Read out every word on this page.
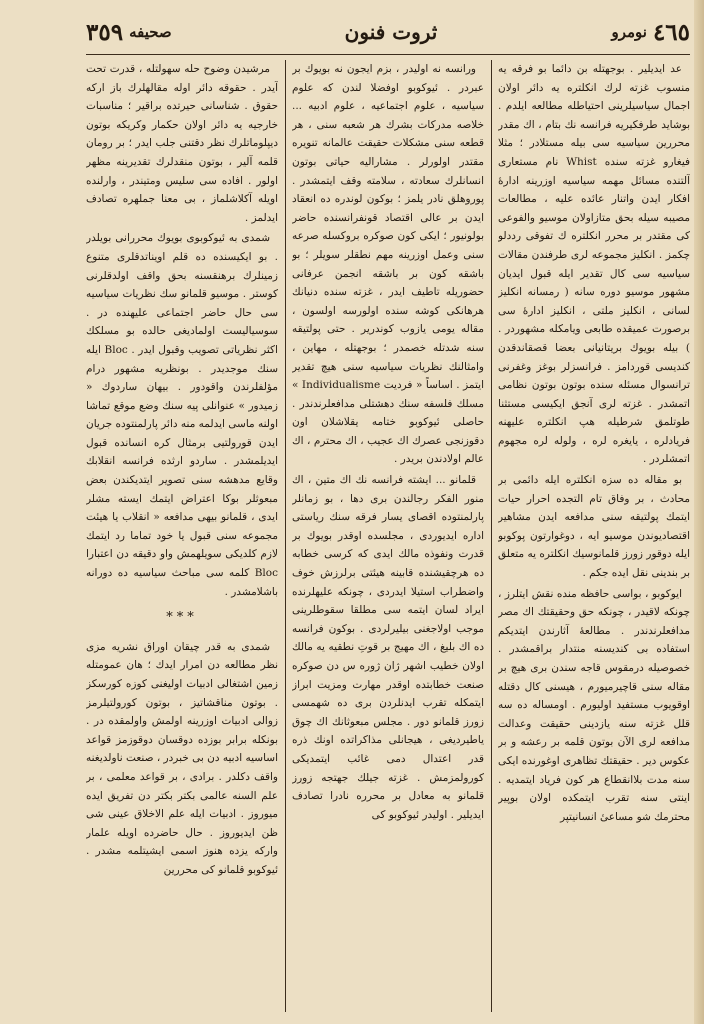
٤٦٥
نومرو
ثروت فنون
صحيفه
٣٥٩

عد ايديلير . بوجهتله بن دائما بو فرقه يه منسوب غزته لرك انكلتره يه دائر اولان اجمال سياسيلرينى احتياطله مطالعه ايلدم . بوشايد طرفكيريه فرانسه نك بتام ، اك مقدر محررين سياسيه سى بيله مستلادر ؛ مثلا فيغارو غزته سنده Whist نام مستعارى آلتنده مسائل مهمه سياسيه اوزرينه ادارهٔ افكار ايدن واتنار عائده عليه ، مطالعات مصيبه سيله بحق متازاولان موسيو والفوعى كى مقتدر بر محرر انكلتره ك تفوقى رددلو چكمز . انكليز مجموعه لرى طرفندن مقالات سياسيه سى كال تقدير ايله قبول ايديان مشهور موسيو دوره سانه ( رمسانه انكليز لسانى ، انكليز ملتى ، انكليز ادارهٔ سى برصورت عميقده طابعى ويامكله مشهوردر . ) بيله بويوك بريتانيانى بعضا قصقاندقدن كنديسى قوردامز . فرانسزلر بوغز وغفرنى ترانسوال مسئله سنده بوتون بوتون نظامى اتمشدر . غزته لرى آنجق ايكيسى مستثنا طوتلمق شرطيله هپ انكلتره عليهنه فريادلره ، يايغره لره ، ولوله لره مجهوم اتمشلردر .

بو مقاله ده سزه انكلتره ايله دائمى بر محادث ، بر وفاق تام التجده احرار حيات ايتمك پولتيقه سنى مدافعه ايدن مشاهير اقتصاديوندن موسيو ايه ، دوغوارتون پوكوبو ايله دوقور زورز قلمانوسيك انكلتره يه متعلق بر بندينى نقل ايده جكم .

ايوكوبو ، بواسى حافظه منده نقش ايتلرز ، چونكه لاقيدر ، چونكه حق وحقيقتك اك مصر مدافعلرندندر . مطالعهٔ آثارندن ايتديكم استفاده بى كنديسنه منتدار براقمشدر . خصوصيله درمقوس قاجه سندن برى هيچ بر مقاله سنى قاچيرميورم ، هيسنى كال دقتله اوقويوب مستفيد اوليورم . اومساله ده سه قلل غزته سنه يازدينى حقيقت وعدالت مدافعه لرى الآن بوتون قلمه بر رعشه و بر عكوس دير . حقيقتك تظاهرى اوغورنده ايكى سنه مدت بلاانقطاع هر كون فرياد ايتمديه . اينتى سنه تقرب ايتمكده اولان بوپير محترمك شو مساعىٔ انسانيتپر

ورانسه نه اوليدر ، بزم ايجون نه بويوك بر عبردر . ئيوكوبو اوفضلا لندن كه علوم سياسيه ، علوم اجتماعيه ، علوم ادبيه ... خلاصه مدركات بشرك هر شعبه سنى ، هر قطعه سنى مشكلات حقيقت عالمانه تنويره مقتدر اولورلر . مشاراليه حياتى بوتون انسانلرك سعادته ، سلامته وقف ايتمشدر . پوروهلق نادر يلمز ؛ بوكون لوندره ده انعقاد ايدن بر عالى اقتصاد قونفرانسنده حاضر بولونيور ؛ ايكى كون صوكره بروكسله صرعه سنى وعمل اوزرينه مهم نطقلر سويلر ؛ بو باشقه كون بر باشقه انجمن عرفانى حضوريله تاطيف ايدر ، غزته سنده دنيانك هرهانكى كوشه سنده اولورسه اولسون ، مقاله يومى يازوب كوندرير . حتى پولتيقه سنه شدتله خصمدر ؛ بوجهتله ، مهاين ، وامثالنك نظريات سياسيه سنى هيچ تقدير ايتمز . اساساً « فرديت Individualisme » مسلك فلسفه سنك دهشتلى مدافعلرندندر . حاصلى ئيوكوبو ختامه يقلاشلان اون دقوزنجى عصرك اك عجيب ، اك محترم ، اك عالم اولادندن بريدر .

قلمانو ... ايشته فرانسه نك اك متين ، اك منور الفكر رجالندن برى دها ، بو زمانلر پارلمنتوده اقصاى يسار فرقه سنك رياستى اداره ايديوردى ، مجلسده اوقدر بويوك بر قدرت ونفوذه مالك ايدى كه كرسى خطابه ده هرچقيشنده قابينه هيئتى برلرزش خوف واضطراب استيلا ايدردى ، چونكه عليهلرنده ايراد لسان ايتمه سى مطلقا سقوطلرينى موجب اولاجغنى بيليرلردى . بوكون فرانسه ده اك بليغ ، اك مهيج بر قوتِ نطقيه يه مالك اولان خطيب اشهر ژان ژوره س دن صوكره صنعت خطابتده اوقدر مهارت ومزيت ابراز ايتمكله تقرب ايدنلردن برى ده شهمسى زورز قلمانو دور . مجلس مبعوثانك اك چوق ياطيرديغى ، هيجانلى مذاكراتده اونك ذره قدر اعتدال دمى غائب ايتمديكى كورولمزمش . غزته جيلك جهتجه زورز قلمانو به معادل بر محرره نادرا تصادف ايديلير . اوليدر ئيوكوبو كى

مرشيدن وضوح حله سهولتله ، قدرت تحت آيدر . حقوقه دائر اوله مقالهلرك باز اركه حقوق . شناسانى حيرتده براقير ؛ مناسبات خارجيه يه دائر اولان حكمار وكريكه بوتون ديپلوماتلرك نظر دقتنى جلب ايدر ؛ بر رومان قلمه آلير ، بوتون منقدلرك تقديرينه مظهر اولور . افاده سى سليس ومتيندر ، وارلنده اويله آكلاشلماز ، بى معنا جملهره تصادف ايدلمز .

شمدى به ئيوكوبوى بويوك محررانى بويلدر . بو ايكيسنده ده قلم اويناتدقلرى متنوع زمينلرك برهنقسنه بحق واقف اولدقلرنى كوستر . موسيو قلمانو سك نظريات سياسيه سى حال حاضر اجتماعى عليهنده در . سوسياليست اولماديغى حالده بو مسلكك اكثر نظرياتى تصويب وقبول ايدر . Bloc ايله سنك موجديدر . بونظريه مشهور درام مؤلفلرندن واقودور . بيهان ساردوك « زميدور » عنوانلى پيه سنك وضع موقع تماشا اولنه ماسى ايدلمه منه دائر پارلمنتوده جريان ايدن قورولتيى برمثال كره انسانده قبول ايديلمشدر . ساردو ارثده فرانسه انقلابك وقايع مدهشه سنى تصوير ايتديكندن بعض مبعوثلر بوكا اعتراض ايتمك ايسته مشلر ايدى ، قلمانو بيهى مدافعه « انقلاب يا هيئت مجموعه سنى قبول يا خود تماما رد ايتمك لازم كلديكى سويلهمش واو دقيقه دن اعتبارا Bloc كلمه سى مباحث سياسيه ده دورانه باشلامشدر .

***

شمدى به قدر چيقان اوراق نشريه مزى نظر مطالعه دن امرار ايدك ؛ هان عمومتله زمين اشتغالى ادبيات اوليغنى كوزه كورسكز . بوتون مناقشاتيز ، بوتون كورولتيلرمز زوالى ادبيات اوزرينه اولمش واولمقده در . بونكله برابر بوزده دوقسان دوقوزمز قواعد اساسيه ادبيه دن بى خبردر ، صنعت ناولديغنه واقف دكلدر . برادى ، بر قواعد معلمى ، بر علم السنه عالمى بكتر بكتر دن تفريق ايده ميوروز . ادبيات ايله علم الاخلاق عينى شى ظن ايديوروز . حال حاضرده اويله علمار واركه يزده هنوز اسمى ايشيتلمه مشدر . ئيوكوبو قلمانو كى محررين
